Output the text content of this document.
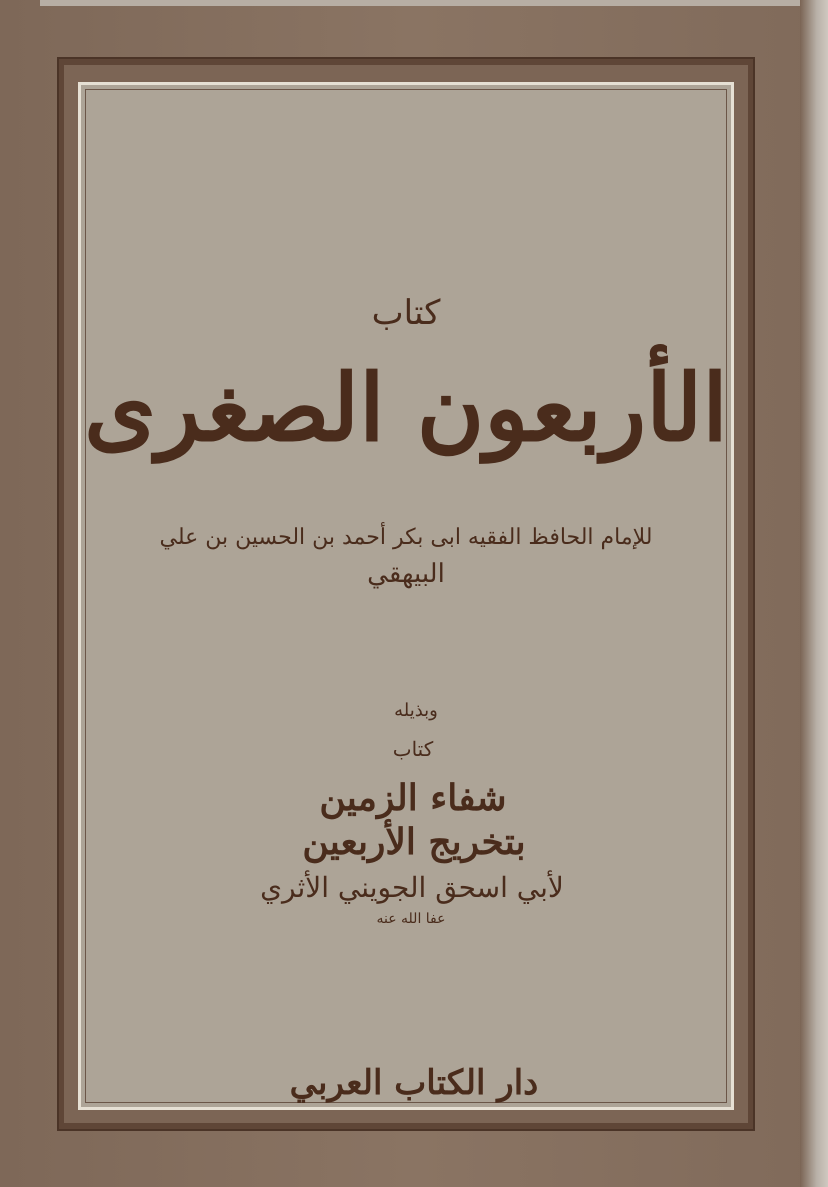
كتاب
الأربعون الصغرى
للإمام الحافظ الفقيه ابى بكر أحمد بن الحسين بن علي
البيهقي
وبذيله
كتاب
شفاء الزمين
بتخريج الأربعين
لأبي اسحق الجويني الأثري
عفا الله عنه
دار الكتاب العربي
